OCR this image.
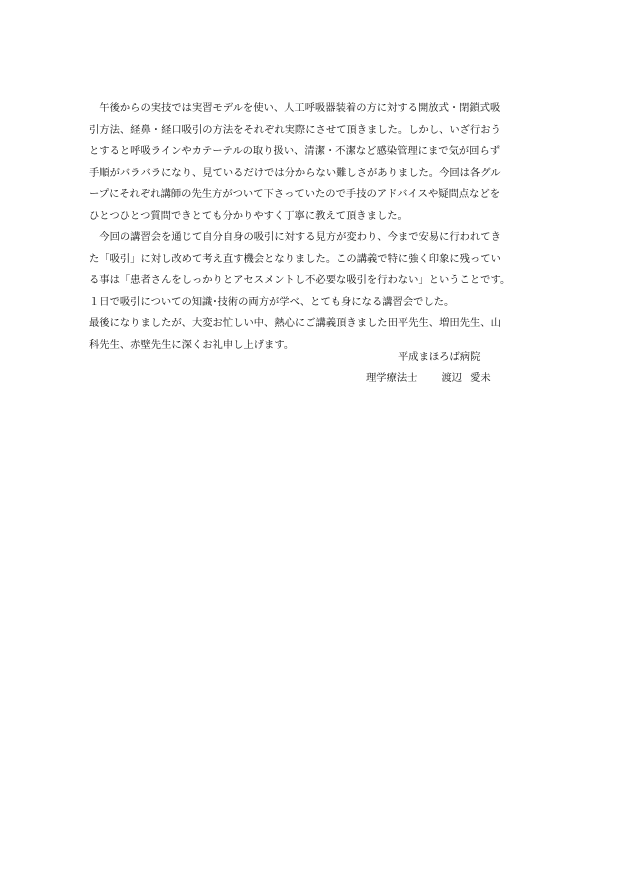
　午後からの実技では実習モデルを使い、人工呼吸器装着の方に対する開放式・閉鎖式吸
引方法、経鼻・経口吸引の方法をそれぞれ実際にさせて頂きました。しかし、いざ行おう
とすると呼吸ラインやカテーテルの取り扱い、清潔・不潔など感染管理にまで気が回らず
手順がバラバラになり、見ているだけでは分からない難しさがありました。今回は各グル
ープにそれぞれ講師の先生方がついて下さっていたので手技のアドバイスや疑問点などを
ひとつひとつ質問できとても分かりやすく丁寧に教えて頂きました。
　今回の講習会を通じて自分自身の吸引に対する見方が変わり、今まで安易に行われてき
た「吸引」に対し改めて考え直す機会となりました。この講義で特に強く印象に残ってい
る事は「患者さんをしっかりとアセスメントし不必要な吸引を行わない」ということです。
１日で吸引についての知識･技術の両方が学べ、とても身になる講習会でした。
最後になりましたが、大変お忙しい中、熱心にご講義頂きました田平先生、増田先生、山
科先生、赤壁先生に深くお礼申し上げます。
平成まほろば病院
理学療法士 渡辺 愛未
